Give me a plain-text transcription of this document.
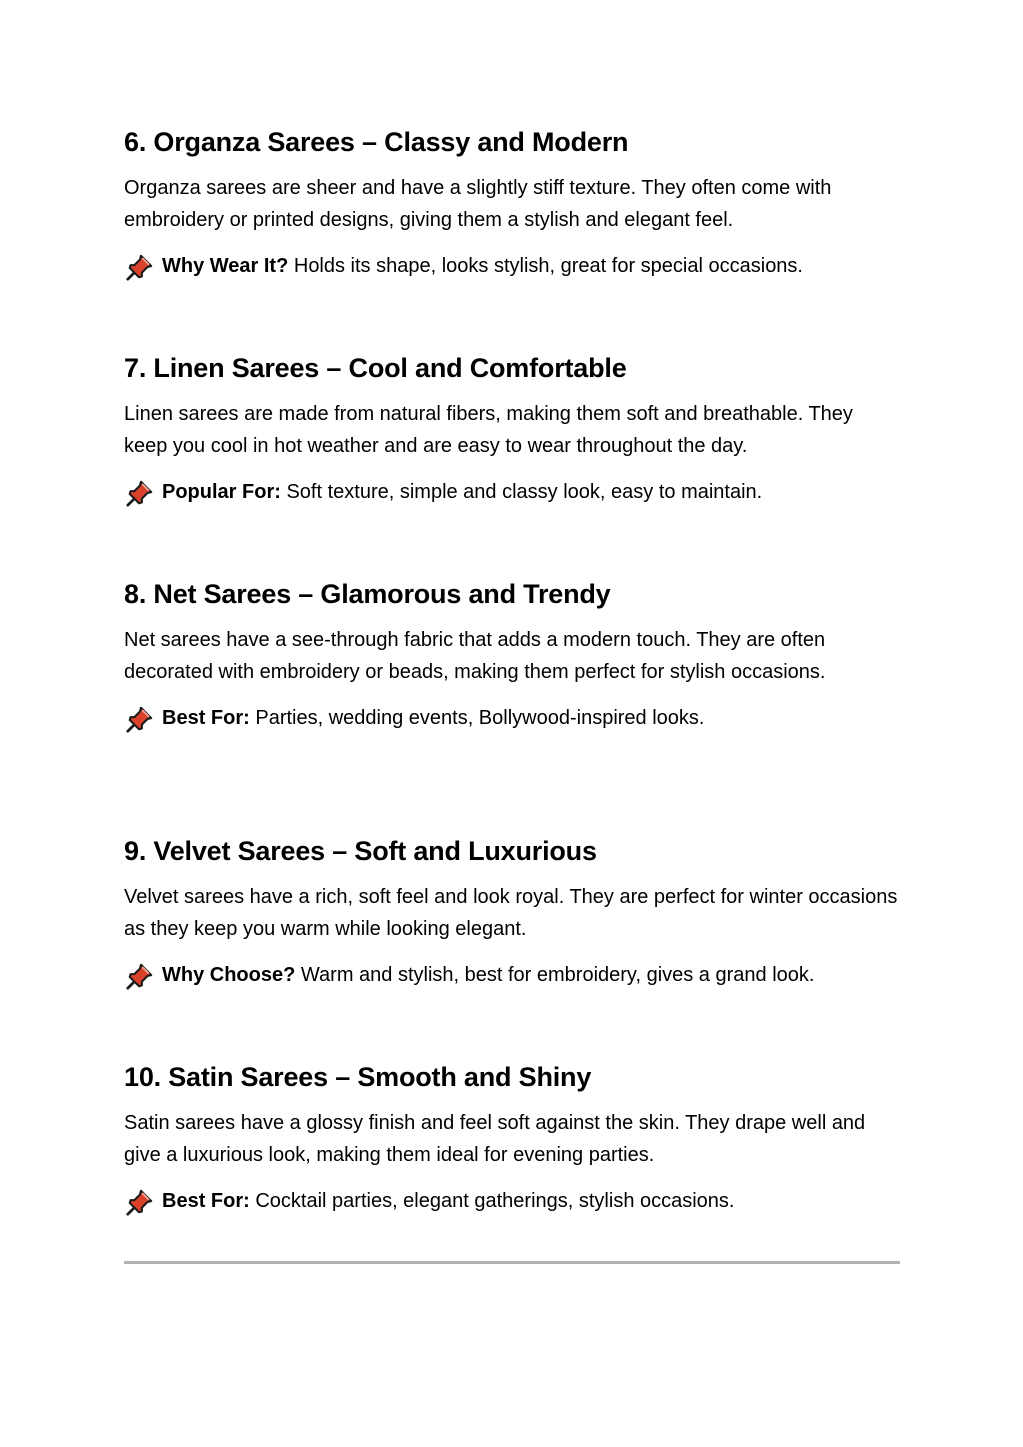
6. Organza Sarees – Classy and Modern

Organza sarees are sheer and have a slightly stiff texture. They often come with embroidery or printed designs, giving them a stylish and elegant feel.

Why Wear It? Holds its shape, looks stylish, great for special occasions.

7. Linen Sarees – Cool and Comfortable

Linen sarees are made from natural fibers, making them soft and breathable. They keep you cool in hot weather and are easy to wear throughout the day.

Popular For: Soft texture, simple and classy look, easy to maintain.

8. Net Sarees – Glamorous and Trendy

Net sarees have a see-through fabric that adds a modern touch. They are often decorated with embroidery or beads, making them perfect for stylish occasions.

Best For: Parties, wedding events, Bollywood-inspired looks.

9. Velvet Sarees – Soft and Luxurious

Velvet sarees have a rich, soft feel and look royal. They are perfect for winter occasions as they keep you warm while looking elegant.

Why Choose? Warm and stylish, best for embroidery, gives a grand look.

10. Satin Sarees – Smooth and Shiny

Satin sarees have a glossy finish and feel soft against the skin. They drape well and give a luxurious look, making them ideal for evening parties.

Best For: Cocktail parties, elegant gatherings, stylish occasions.
